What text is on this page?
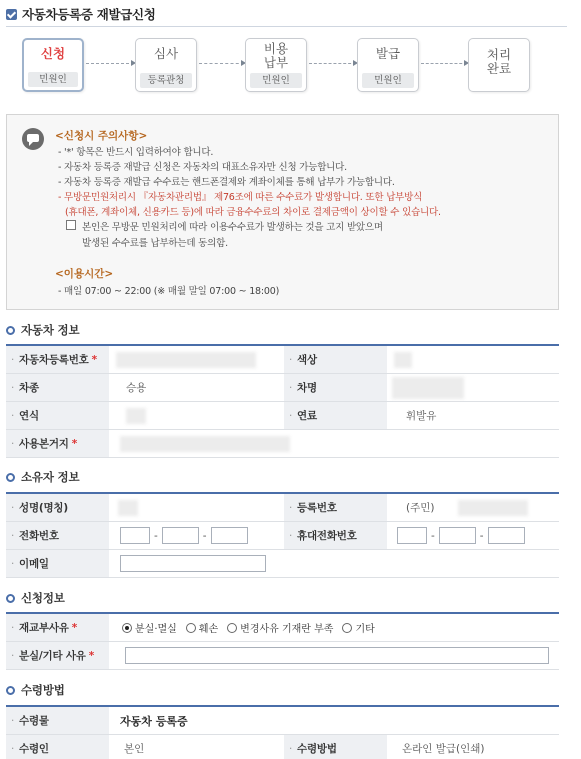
자동차등록증 재발급신청
신청
민원인
심사
등록관청
비용
납부
민원인
발급
민원인
처리
완료
<신청시 주의사항>
- '*' 항목은 반드시 입력하여야 합니다.
- 자동차 등록증 재발급 신청은 자동차의 대표소유자만 신청 가능합니다.
- 자동차 등록증 재발급 수수료는 핸드폰결제와 계좌이체를 통해 납부가 가능합니다.
- 무방문민원처리시 『자동차관리법』 제76조에 따른 수수료가 발생합니다. 또한 납부방식
(휴대폰, 계좌이체, 신용카드 등)에 따라 금융수수료의 차이로 결제금액이 상이할 수 있습니다.
본인은 무방문 민원처리에 따라 이용수수료가 발생하는 것을 고지 받았으며
발생된 수수료를 납부하는데 동의함.
<이용시간>
- 매일 07:00 ~ 22:00 (※ 매월 말일 07:00 ~ 18:00)
자동차 정보
· 자동차등록번호 *	· 색상
· 차종	승용	· 차명
· 연식	· 연료	휘발유
· 사용본거지 *
소유자 정보
· 성명(명칭)	· 등록번호	(주민)
· 전화번호	-	-	· 휴대전화번호	-	-
· 이메일
신청정보
· 재교부사유 *	분실·멸실 훼손 변경사유 기재란 부족 기타
· 분실/기타 사유 *
수령방법
· 수령물	자동차 등록증
· 수령인	본인	· 수령방법	온라인 발급(인쇄)
